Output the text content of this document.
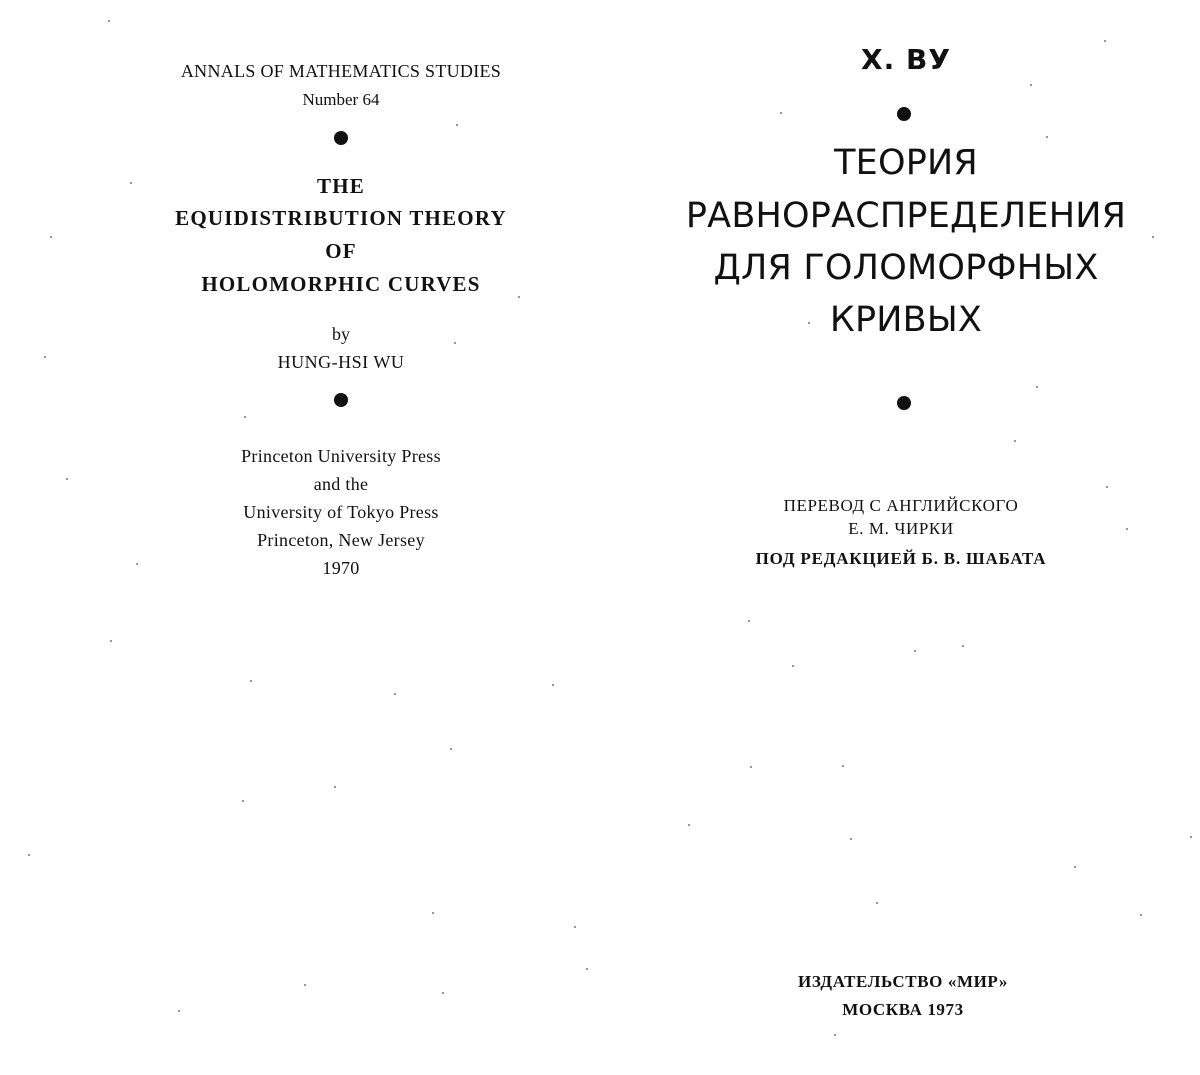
ANNALS OF MATHEMATICS STUDIES
Number 64
THE
EQUIDISTRIBUTION THEORY
OF
HOLOMORPHIC CURVES
by
HUNG-HSI WU
Princeton University Press
and the
University of Tokyo Press
Princeton, New Jersey
1970
Х. ВУ
ТЕОРИЯ
РАВНОРАСПРЕДЕЛЕНИЯ
ДЛЯ ГОЛОМОРФНЫХ
КРИВЫХ
ПЕРЕВОД С АНГЛИЙСКОГО
Е. М. ЧИРКИ
ПОД РЕДАКЦИЕЙ Б. В. ШАБАТА
ИЗДАТЕЛЬСТВО «МИР»
МОСКВА 1973
